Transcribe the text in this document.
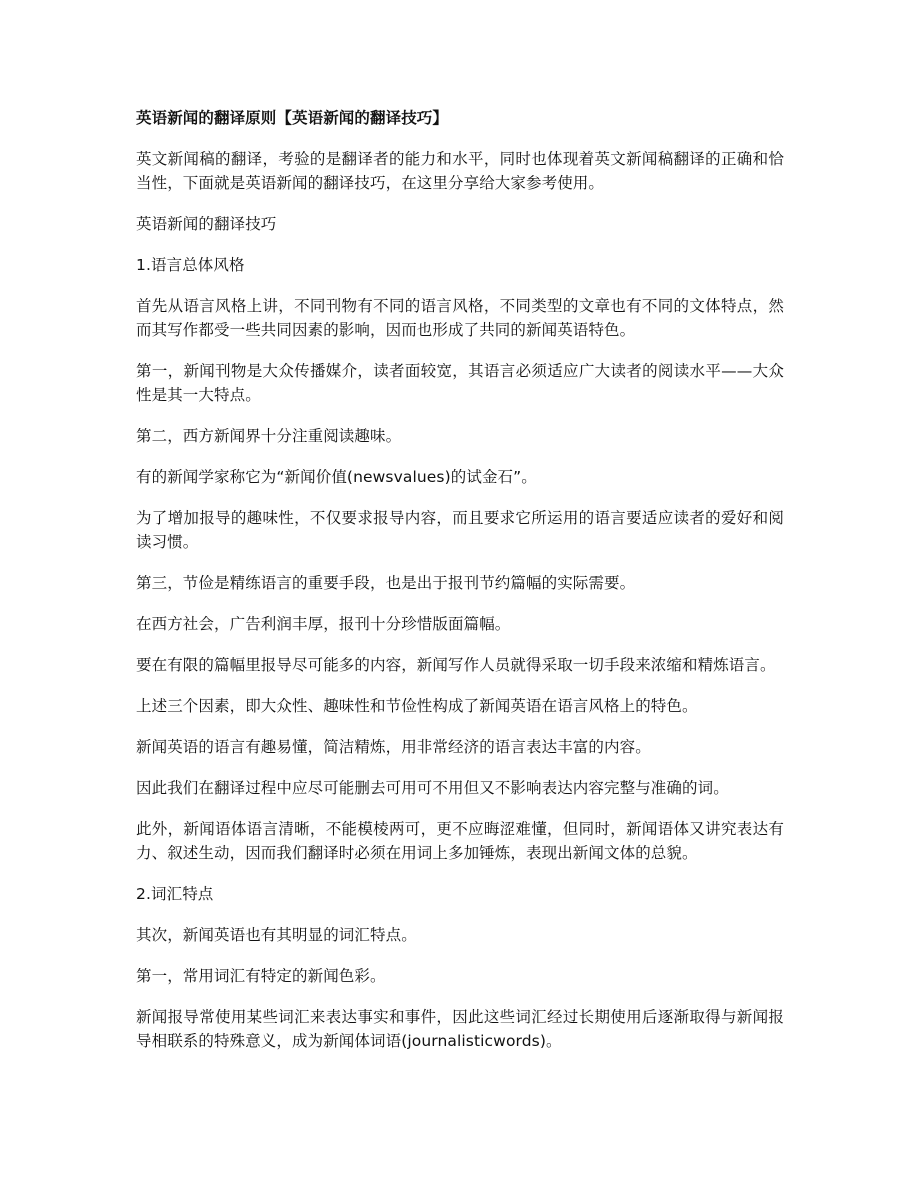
英语新闻的翻译原则【英语新闻的翻译技巧】

英文新闻稿的翻译，考验的是翻译者的能力和水平，同时也体现着英文新闻稿翻译的正确和恰当性，下面就是英语新闻的翻译技巧，在这里分享给大家参考使用。

英语新闻的翻译技巧

1.语言总体风格

首先从语言风格上讲，不同刊物有不同的语言风格，不同类型的文章也有不同的文体特点，然而其写作都受一些共同因素的影响，因而也形成了共同的新闻英语特色。

第一，新闻刊物是大众传播媒介，读者面较宽，其语言必须适应广大读者的阅读水平——大众性是其一大特点。

第二，西方新闻界十分注重阅读趣味。

有的新闻学家称它为“新闻价值(newsvalues)的试金石”。

为了增加报导的趣味性，不仅要求报导内容，而且要求它所运用的语言要适应读者的爱好和阅读习惯。

第三，节俭是精练语言的重要手段，也是出于报刊节约篇幅的实际需要。

在西方社会，广告利润丰厚，报刊十分珍惜版面篇幅。

要在有限的篇幅里报导尽可能多的内容，新闻写作人员就得采取一切手段来浓缩和精炼语言。

上述三个因素，即大众性、趣味性和节俭性构成了新闻英语在语言风格上的特色。

新闻英语的语言有趣易懂，简洁精炼，用非常经济的语言表达丰富的内容。

因此我们在翻译过程中应尽可能删去可用可不用但又不影响表达内容完整与准确的词。

此外，新闻语体语言清晰，不能模棱两可，更不应晦涩难懂，但同时，新闻语体又讲究表达有力、叙述生动，因而我们翻译时必须在用词上多加锤炼，表现出新闻文体的总貌。

2.词汇特点

其次，新闻英语也有其明显的词汇特点。

第一，常用词汇有特定的新闻色彩。

新闻报导常使用某些词汇来表达事实和事件，因此这些词汇经过长期使用后逐渐取得与新闻报导相联系的特殊意义，成为新闻体词语(journalisticwords)。
